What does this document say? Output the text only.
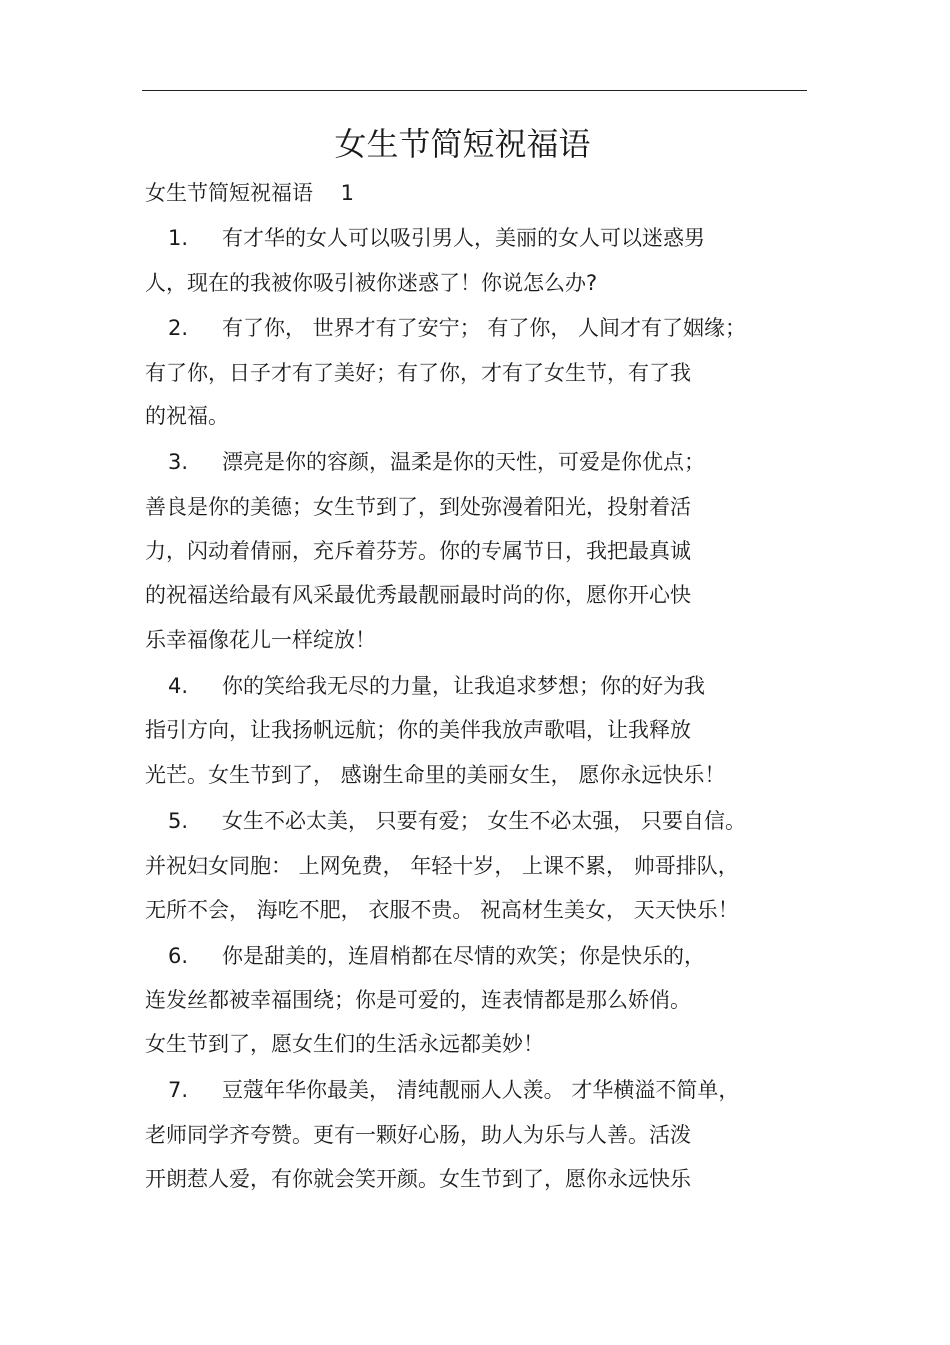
女生节简短祝福语
女生节简短祝福语　 1
1. 有才华的女人可以吸引男人，美丽的女人可以迷惑男
人，现在的我被你吸引被你迷惑了！你说怎么办?
2. 有了你， 世界才有了安宁； 有了你， 人间才有了姻缘；
有了你，日子才有了美好；有了你，才有了女生节，有了我
的祝福。
3. 漂亮是你的容颜，温柔是你的天性，可爱是你优点；
善良是你的美德；女生节到了，到处弥漫着阳光，投射着活
力，闪动着倩丽，充斥着芬芳。你的专属节日，我把最真诚
的祝福送给最有风采最优秀最靓丽最时尚的你，愿你开心快
乐幸福像花儿一样绽放！
4. 你的笑给我无尽的力量，让我追求梦想；你的好为我
指引方向，让我扬帆远航；你的美伴我放声歌唱，让我释放
光芒。女生节到了， 感谢生命里的美丽女生， 愿你永远快乐！
5. 女生不必太美， 只要有爱； 女生不必太强， 只要自信。
并祝妇女同胞： 上网免费， 年轻十岁， 上课不累， 帅哥排队，
无所不会， 海吃不肥， 衣服不贵。 祝高材生美女， 天天快乐！
6. 你是甜美的，连眉梢都在尽情的欢笑；你是快乐的，
连发丝都被幸福围绕；你是可爱的，连表情都是那么娇俏。
女生节到了，愿女生们的生活永远都美妙！
7. 豆蔻年华你最美， 清纯靓丽人人羡。 才华横溢不简单，
老师同学齐夸赞。更有一颗好心肠，助人为乐与人善。活泼
开朗惹人爱，有你就会笑开颜。女生节到了，愿你永远快乐
